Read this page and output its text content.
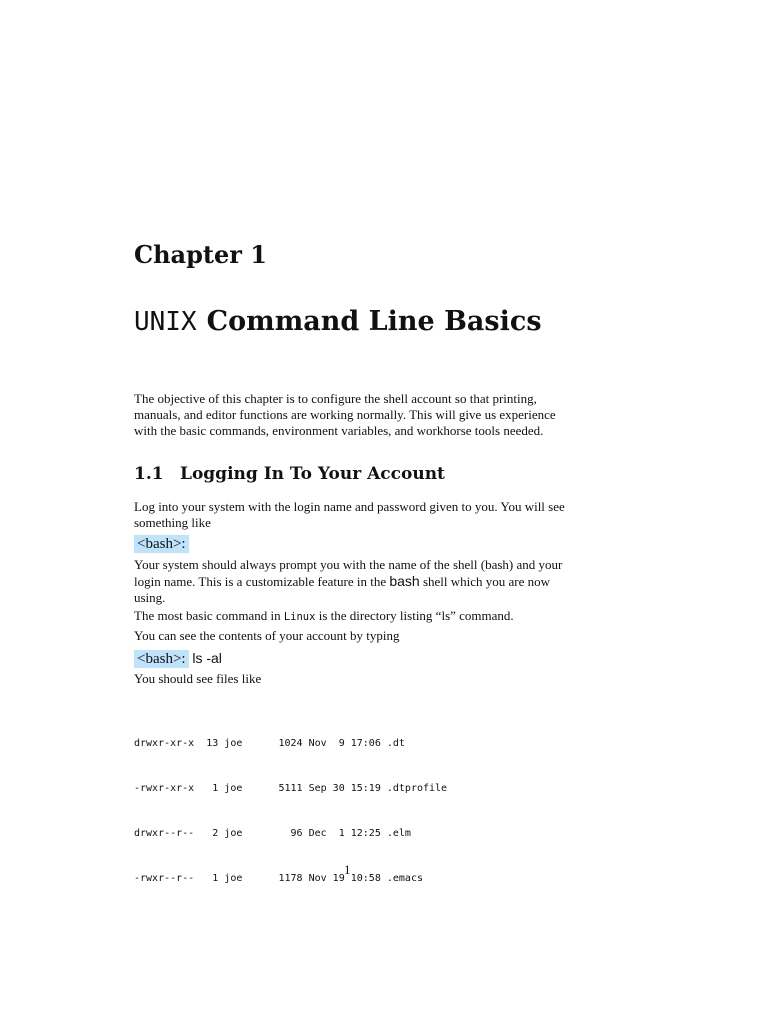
Chapter 1
UNIX Command Line Basics
The objective of this chapter is to configure the shell account so that printing, manuals, and editor functions are working normally. This will give us experience with the basic commands, environment variables, and workhorse tools needed.
1.1 Logging In To Your Account
Log into your system with the login name and password given to you. You will see something like
<bash>:
Your system should always prompt you with the name of the shell (bash) and your login name. This is a customizable feature in the bash shell which you are now using.
The most basic command in Linux is the directory listing “ls” command.
You can see the contents of your account by typing
<bash>: ls -al
You should see files like

drwxr-xr-x  13 joe      1024 Nov  9 17:06 .dt

-rwxr-xr-x   1 joe      5111 Sep 30 15:19 .dtprofile

drwxr--r--   2 joe        96 Dec  1 12:25 .elm

-rwxr--r--   1 joe      1178 Nov 19 10:58 .emacs

1
